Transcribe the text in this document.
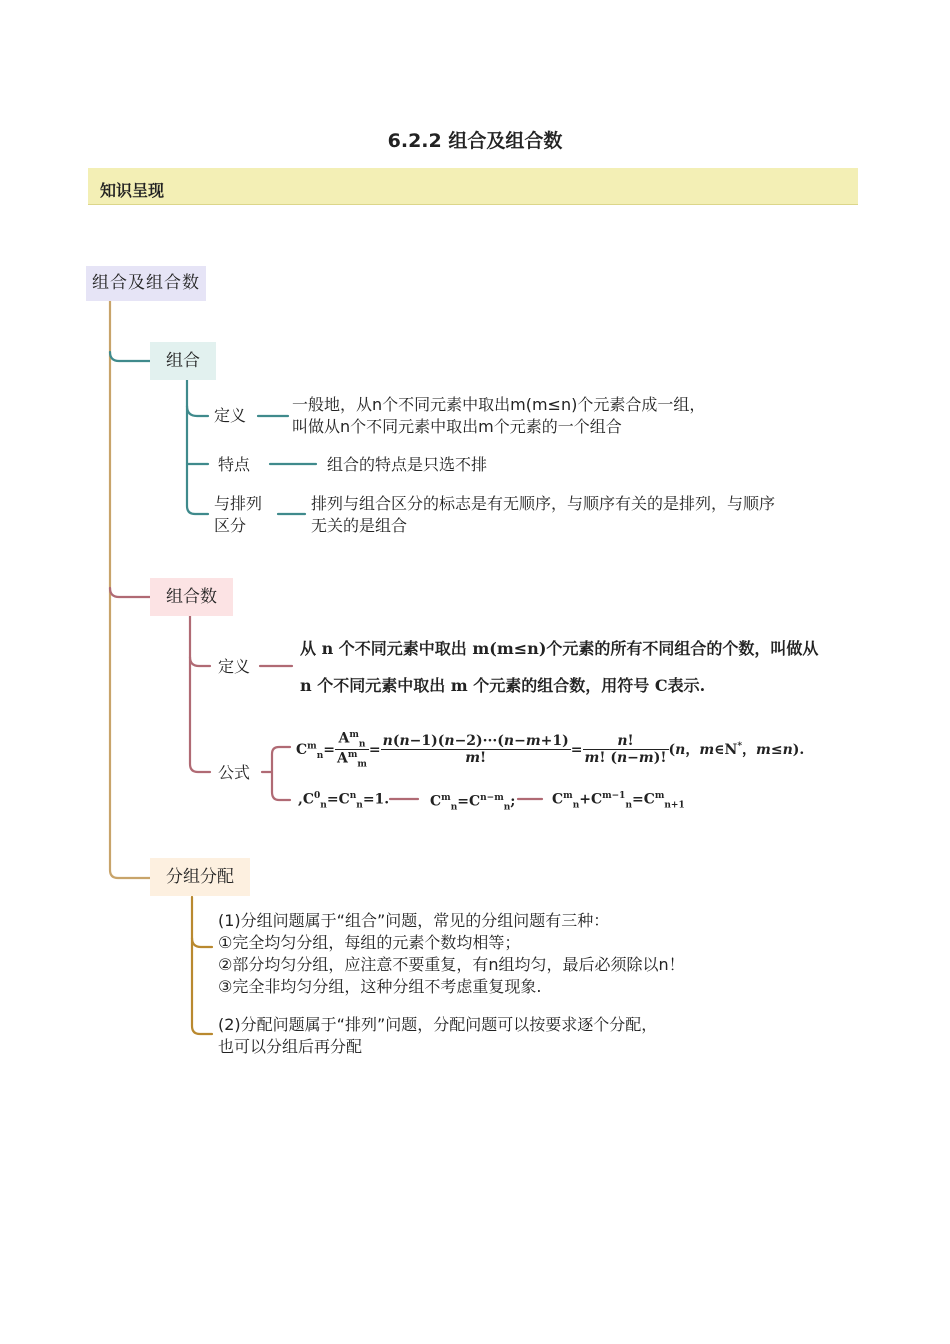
6.2.2 组合及组合数
知识呈现
组合及组合数
组合
定义
一般地，从n个不同元素中取出m(m≤n)个元素合成一组，
叫做从n个不同元素中取出m个元素的一个组合
特点	组合的特点是只选不排
与排列
区分
排列与组合区分的标志是有无顺序，与顺序有关的是排列，与顺序
无关的是组合
组合数
定义
从 n 个不同元素中取出 m(m≤n)个元素的所有不同组合的个数，叫做从
n 个不同元素中取出 m 个元素的组合数，用符号 C表示.
公式
$C^m_n= \frac{A^m_n}{A^m_m} = \frac{n(n-1)(n-2)\cdot\cdot\cdot(n-m+1)}{m!} = \frac{n!}{m! (n-m)!} (n$，m∈N*，m≤n).
$,C^0_n=C^n_n=1$.	$C^m_n=C^{n-m}_n$;	$C^m_n+C^{m-1}_n=C^m_{n+1}$
分组分配
(1)分组问题属于“组合”问题，常见的分组问题有三种：
①完全均匀分组，每组的元素个数均相等；
②部分均匀分组，应注意不要重复，有n组均匀，最后必须除以n！
③完全非均匀分组，这种分组不考虑重复现象.
(2)分配问题属于“排列”问题，分配问题可以按要求逐个分配，
也可以分组后再分配
